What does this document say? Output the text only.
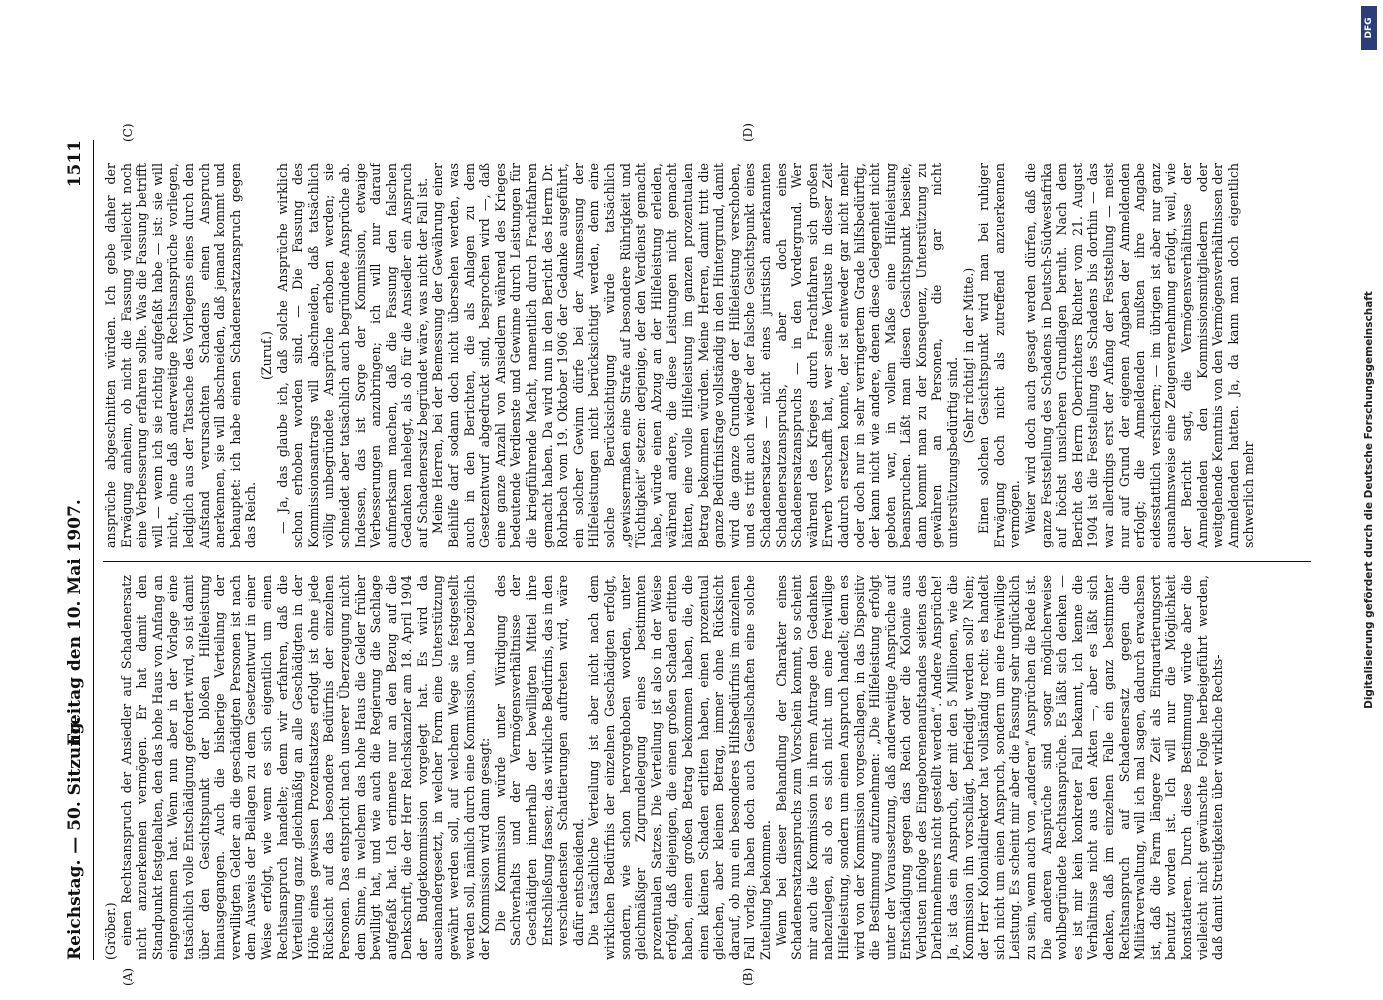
Reichstag. — 50. Sitzung.
Freitag den 10. Mai 1907.  1511
(A)	(B)
(C)	(D)

(Gröber.) einen Rechtsanspruch der Ansiedler auf Schadenersatz nicht anzuerkennen vermögen. Er hat damit den Standpunkt festgehalten, den das hohe Haus von Anfang an eingenommen hat. Wenn nun aber in der Vorlage eine tatsächlich volle Entschädigung gefordert wird, so ist damit über den Gesichtspunkt der bloßen Hilfeleistung hinausgegangen. Auch die bisherige Verteilung der verwilligten Gelder an die geschädigten Personen ist nach dem Ausweis der Beilagen zu dem Gesetzentwurf in einer Weise erfolgt, wie wenn es sich eigentlich um einen Rechtsanspruch handelte; denn wir erfahren, daß die Verteilung ganz gleichmäßig an alle Geschädigten in der Höhe eines gewissen Prozentsatzes erfolgt ist ohne jede Rücksicht auf das besondere Bedürfnis der einzelnen Personen. Das entspricht nach unserer Überzeugung nicht dem Sinne, in welchem das hohe Haus die Gelder früher bewilligt hat, und wie auch die Regierung die Sachlage aufgefaßt hat. Ich erinnere nur an den Bezug auf die Denkschrift, die der Herr Reichskanzler am 18. April 1904 der Budgetkommission vorgelegt hat. Es wird da auseinandergesetzt, in welcher Form eine Unterstützung gewährt werden soll, auf welchem Wege sie festgestellt werden soll, nämlich durch eine Kommission, und bezüglich der Kommission wird dann gesagt: Die Kommission würde unter Würdigung des Sachverhalts und der Vermögensverhältnisse der Geschädigten innerhalb der bewilligten Mittel ihre Entschließung fassen; das wirkliche Bedürfnis, das in den verschiedensten Schattierungen auftreten wird, wäre dafür entscheidend. Die tatsächliche Verteilung ist aber nicht nach dem wirklichen Bedürfnis der einzelnen Geschädigten erfolgt, sondern, wie schon hervorgehoben worden, unter gleichmäßiger Zugrundelegung eines bestimmten prozentualen Satzes. Die Verteilung ist also in der Weise erfolgt, daß diejenigen, die einen großen Schaden erlitten haben, einen großen Betrag bekommen haben, die, die einen kleinen Schaden erlitten haben, einen prozentual gleichen, aber kleinen Betrag, immer ohne Rücksicht darauf, ob nun ein besonderes Hilfsbedürfnis im einzelnen Fall vorlag; haben doch auch Gesellschaften eine solche Zuteilung bekommen. Wenn bei dieser Behandlung der Charakter eines Schadenersatzanspruchs zum Vorschein kommt, so scheint mir auch die Kommission in ihrem Antrage den Gedanken nahezulegen, als ob es sich nicht um eine freiwillige Hilfeleistung, sondern um einen Anspruch handelt; denn es wird von der Kommission vorgeschlagen, in das Dispositiv die Bestimmung aufzunehmen: „Die Hilfeleistung erfolgt unter der Voraussetzung, daß anderweitige Ansprüche auf Entschädigung gegen das Reich oder die Kolonie aus Verlusten infolge des Eingeborenenaufstandes seitens des Darlehnnehmers nicht gestellt werden“. Andere Ansprüche! Ja, ist das ein Anspruch, der mit den 5 Millionen, wie die Kommission ihn vorschlägt, befriedigt werden soll? Nein; der Herr Kolonialdirektor hat vollständig recht: es handelt sich nicht um einen Anspruch, sondern um eine freiwillige Leistung. Es scheint mir aber die Fassung sehr unglücklich zu sein, wenn auch von „anderen“ Ansprüchen die Rede ist. Die anderen Ansprüche sind sogar möglicherweise wohlbegründete Rechtsansprüche. Es läßt sich denken — es ist mir kein konkreter Fall bekannt, ich kenne die Verhältnisse nicht aus den Akten —, aber es läßt sich denken, daß im einzelnen Falle ein ganz bestimmter Rechtsanspruch auf Schadenersatz gegen die Militärverwaltung, will ich mal sagen, dadurch erwachsen ist, daß die Farm längere Zeit als Einquartierungsort benutzt worden ist. Ich will nur die Möglichkeit konstatieren. Durch diese Bestimmung würde aber die vielleicht nicht gewünschte Folge herbeigeführt werden, daß damit Streitigkeiten über wirkliche Rechts-

ansprüche abgeschnitten würden. Ich gebe daher der Erwägung anheim, ob nicht die Fassung vielleicht noch eine Verbesserung erfahren sollte. Was die Fassung betrifft will — wenn ich sie richtig aufgefaßt habe — ist: sie will nicht, ohne daß anderweitige Rechtsansprüche vorliegen, lediglich aus der Tatsache des Vorliegens eines durch den Aufstand verursachten Schadens einen Anspruch anerkennen, sie will abschneiden, daß jemand kommt und behauptet: ich habe einen Schadenersatzanspruch gegen das Reich.

(Zuruf.) — Ja, das glaube ich, daß solche Ansprüche wirklich schon erhoben worden sind. — Die Fassung des Kommissionsantrags will abschneiden, daß tatsächlich völlig unbegründete Ansprüche erhoben werden; sie schneidet aber tatsächlich auch begründete Ansprüche ab. Indessen, das ist Sorge der Kommission, etwaige Verbesserungen anzubringen; ich will nur darauf aufmerksam machen, daß die Fassung den falschen Gedanken nahelegt, als ob für die Ansiedler ein Anspruch auf Schadenersatz begründet wäre, was nicht der Fall ist. Meine Herren, bei der Bemessung der Gewährung einer Beihilfe darf sodann doch nicht übersehen werden, was auch in den Berichten, die als Anlagen zu dem Gesetzentwurf abgedruckt sind, besprochen wird —, daß eine ganze Anzahl von Ansiedlern während des Krieges bedeutende Verdienste und Gewinne durch Leistungen für die kriegführende Macht, namentlich durch Frachtfahren gemacht haben. Da wird nun in den Bericht des Herrn Dr. Rohrbach vom 19. Oktober 1906 der Gedanke ausgeführt, ein solcher Gewinn dürfe bei der Ausmessung der Hilfeleistungen nicht berücksichtigt werden, denn eine solche Berücksichtigung würde tatsächlich „gewissermaßen eine Strafe auf besondere Rührigkeit und Tüchtigkeit“ setzen: derjenige, der den Verdienst gemacht habe, würde einen Abzug an der Hilfeleistung erleiden, während andere, die diese Leistungen nicht gemacht hätten, eine volle Hilfeleistung im ganzen prozentualen Betrag bekommen würden. Meine Herren, damit tritt die ganze Bedürfnisfrage vollständig in den Hintergrund, damit wird die ganze Grundlage der Hilfeleistung verschoben, und es tritt auch wieder der falsche Gesichtspunkt eines Schadenersatzes — nicht eines juristisch anerkannten Schadenersatzanspruchs, aber doch eines Schadenersatzanspruchs — in den Vordergrund. Wer während des Krieges durch Frachtfahren sich großen Erwerb verschafft hat, wer seine Verluste in dieser Zeit dadurch ersetzen konnte, der ist entweder gar nicht mehr oder doch nur in sehr verringertem Grade hilfsbedürftig, der kann nicht wie andere, denen diese Gelegenheit nicht geboten war, in vollem Maße eine Hilfeleistung beanspruchen. Läßt man diesen Gesichtspunkt beiseite, dann kommt man zu der Konsequenz, Unterstützung zu gewähren an Personen, die gar nicht unterstützungsbedürftig sind.

(Sehr richtig! in der Mitte.) Einen solchen Gesichtspunkt wird man bei ruhiger Erwägung doch nicht als zutreffend anzuerkennen vermögen. Weiter wird doch auch gesagt werden dürfen, daß die ganze Feststellung des Schadens in Deutsch-Südwestafrika auf höchst unsicheren Grundlagen beruht. Nach dem Bericht des Herrn Oberrichters Richter vom 21. August 1904 ist die Feststellung des Schadens bis dorthin — das war allerdings erst der Anfang der Feststellung — meist nur auf Grund der eigenen Angaben der Anmeldenden erfolgt; die Anmeldenden mußten ihre Angabe eidesstattlich versichern; — im übrigen ist aber nur ganz ausnahmsweise eine Zeugenvernehmung erfolgt, weil, wie der Bericht sagt, die Vermögensverhältnisse der Anmeldenden den Kommissionsmitgliedern oder weitgehende Kenntnis von den Vermögensverhältnissen der Anmeldenden hatten. Ja, da kann man doch eigentlich schwerlich mehr

DFG
Digitalisierung gefördert durch die Deutsche Forschungsgemeinschaft
